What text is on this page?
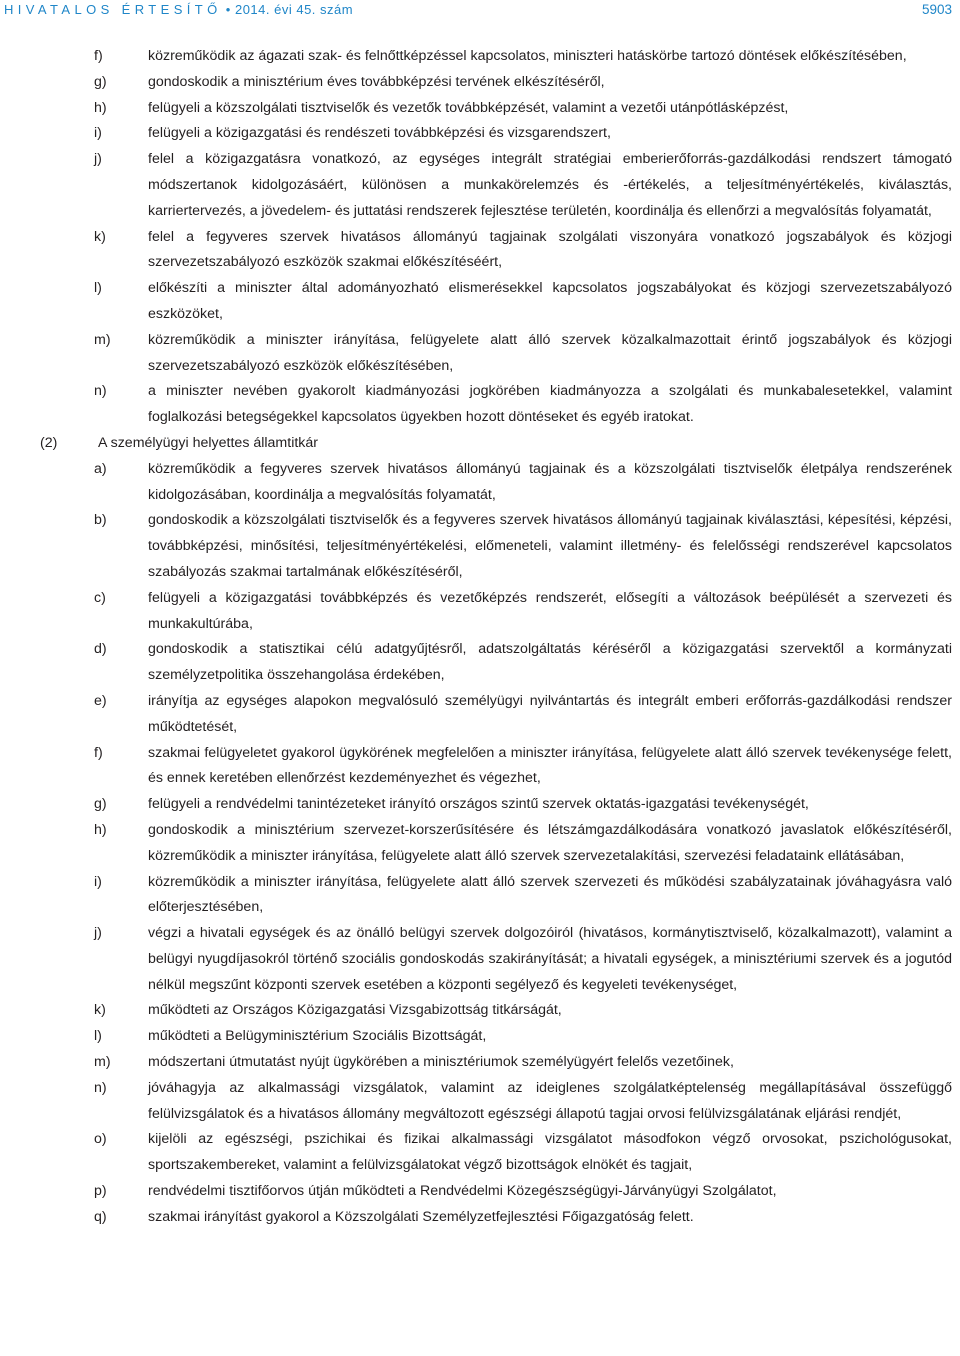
HIVATALOS ÉRTESÍTŐ • 2014. évi 45. szám	5903
f)	közreműködik az ágazati szak- és felnőttképzéssel kapcsolatos, miniszteri hatáskörbe tartozó döntések előkészítésében,
g)	gondoskodik a minisztérium éves továbbképzési tervének elkészítéséről,
h)	felügyeli a közszolgálati tisztviselők és vezetők továbbképzését, valamint a vezetői utánpótlásképzést,
i)	felügyeli a közigazgatási és rendészeti továbbképzési és vizsgarendszert,
j)	felel a közigazgatásra vonatkozó, az egységes integrált stratégiai emberierőforrás-gazdálkodási rendszert támogató módszertanok kidolgozásáért, különösen a munkakörelemzés és -értékelés, a teljesítményértékelés, kiválasztás, karriertervezés, a jövedelem- és juttatási rendszerek fejlesztése területén, koordinálja és ellenőrzi a megvalósítás folyamatát,
k)	felel a fegyveres szervek hivatásos állományú tagjainak szolgálati viszonyára vonatkozó jogszabályok és közjogi szervezetszabályozó eszközök szakmai előkészítéséért,
l)	előkészíti a miniszter által adományozható elismerésekkel kapcsolatos jogszabályokat és közjogi szervezetszabályozó eszközöket,
m)	közreműködik a miniszter irányítása, felügyelete alatt álló szervek közalkalmazottait érintő jogszabályok és közjogi szervezetszabályozó eszközök előkészítésében,
n)	a miniszter nevében gyakorolt kiadmányozási jogkörében kiadmányozza a szolgálati és munkabalesetekkel, valamint foglalkozási betegségekkel kapcsolatos ügyekben hozott döntéseket és egyéb iratokat.
(2)	A személyügyi helyettes államtitkár
a)	közreműködik a fegyveres szervek hivatásos állományú tagjainak és a közszolgálati tisztviselők életpálya rendszerének kidolgozásában, koordinálja a megvalósítás folyamatát,
b)	gondoskodik a közszolgálati tisztviselők és a fegyveres szervek hivatásos állományú tagjainak kiválasztási, képesítési, képzési, továbbképzési, minősítési, teljesítményértékelési, előmeneteli, valamint illetmény- és felelősségi rendszerével kapcsolatos szabályozás szakmai tartalmának előkészítéséről,
c)	felügyeli a közigazgatási továbbképzés és vezetőképzés rendszerét, elősegíti a változások beépülését a szervezeti és munkakultúrába,
d)	gondoskodik a statisztikai célú adatgyűjtésről, adatszolgáltatás kéréséről a közigazgatási szervektől a kormányzati személyzetpolitika összehangolása érdekében,
e)	irányítja az egységes alapokon megvalósuló személyügyi nyilvántartás és integrált emberi erőforrás-gazdálkodási rendszer működtetését,
f)	szakmai felügyeletet gyakorol ügykörének megfelelően a miniszter irányítása, felügyelete alatt álló szervek tevékenysége felett, és ennek keretében ellenőrzést kezdeményezhet és végezhet,
g)	felügyeli a rendvédelmi tanintézeteket irányító országos szintű szervek oktatás-igazgatási tevékenységét,
h)	gondoskodik a minisztérium szervezet-korszerűsítésére és létszámgazdálkodására vonatkozó javaslatok előkészítéséről, közreműködik a miniszter irányítása, felügyelete alatt álló szervek szervezetalakítási, szervezési feladataink ellátásában,
i)	közreműködik a miniszter irányítása, felügyelete alatt álló szervek szervezeti és működési szabályzatainak jóváhagyásra való előterjesztésében,
j)	végzi a hivatali egységek és az önálló belügyi szervek dolgozóiról (hivatásos, kormánytisztviselő, közalkalmazott), valamint a belügyi nyugdíjasokról történő szociális gondoskodás szakirányítását; a hivatali egységek, a minisztériumi szervek és a jogutód nélkül megszűnt központi szervek esetében a központi segélyező és kegyeleti tevékenységet,
k)	működteti az Országos Közigazgatási Vizsgabizottság titkárságát,
l)	működteti a Belügyminisztérium Szociális Bizottságát,
m)	módszertani útmutatást nyújt ügykörében a minisztériumok személyügyért felelős vezetőinek,
n)	jóváhagyja az alkalmassági vizsgálatok, valamint az ideiglenes szolgálatképtelenség megállapításával összefüggő felülvizsgálatok és a hivatásos állomány megváltozott egészségi állapotú tagjai orvosi felülvizsgálatának eljárási rendjét,
o)	kijelöli az egészségi, pszichikai és fizikai alkalmassági vizsgálatot másodfokon végző orvosokat, pszichológusokat, sportszakembereket, valamint a felülvizsgálatokat végző bizottságok elnökét és tagjait,
p)	rendvédelmi tisztifőorvos útján működteti a Rendvédelmi Közegészségügyi-Járványügyi Szolgálatot,
q)	szakmai irányítást gyakorol a Közszolgálati Személyzetfejlesztési Főigazgatóság felett.
